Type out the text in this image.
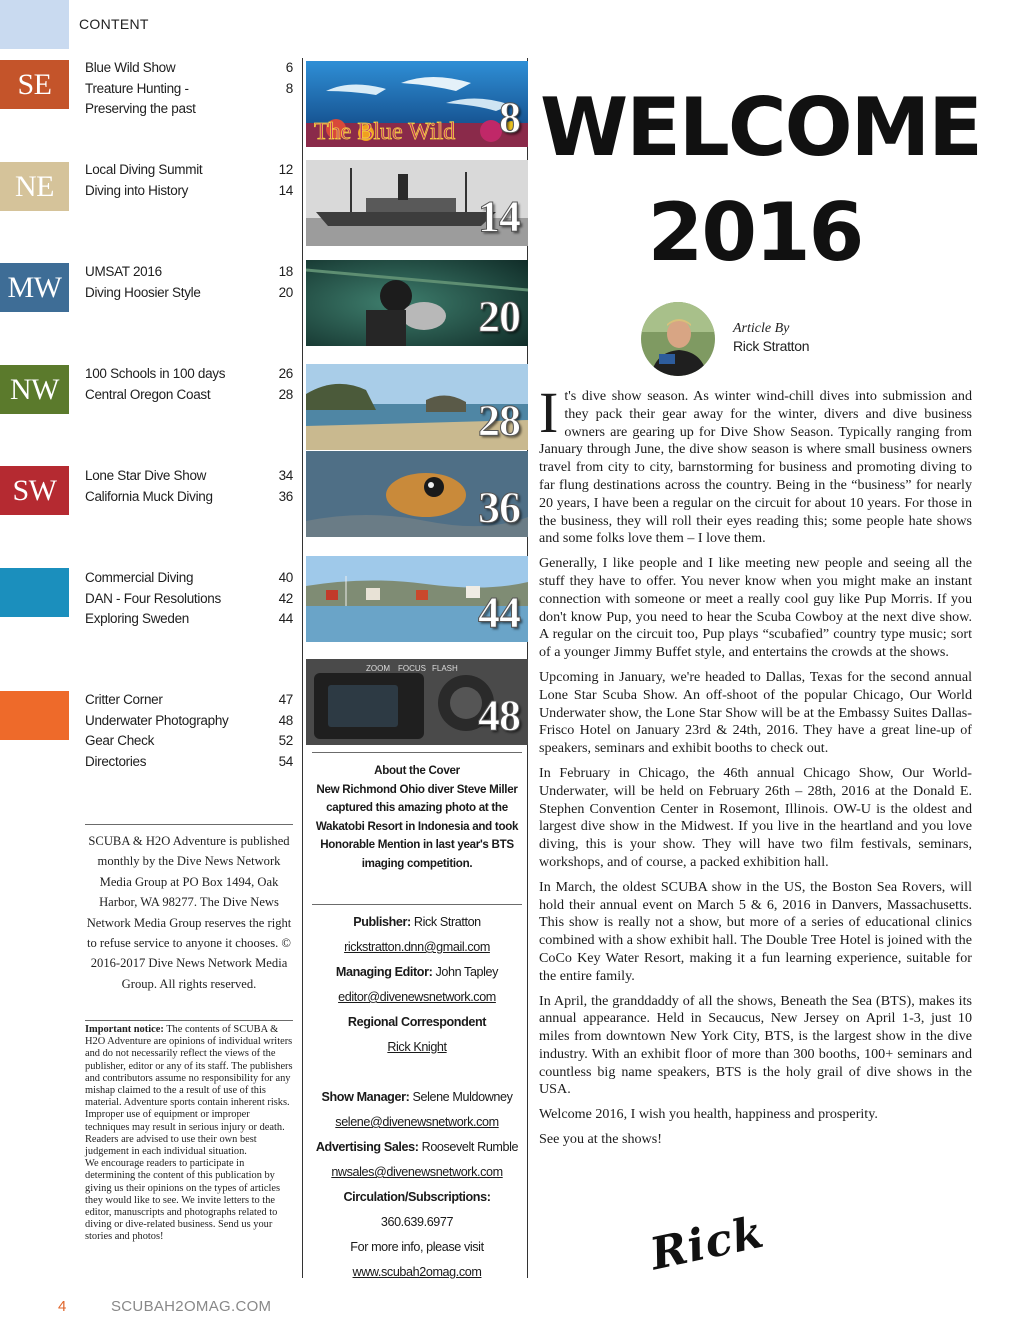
CONTENT
SE	Blue Wild Show	6
Treature Hunting -	8
Preserving the past
NE	Local Diving Summit	12
Diving into History	14
MW	UMSAT 2016	18
Diving Hoosier Style	20
NW	100 Schools in 100 days	26
Central Oregon Coast	28
SW	Lone Star Dive Show	34
California Muck Diving	36
Commercial Diving	40
DAN - Four Resolutions	42
Exploring Sweden	44
Critter Corner	47
Underwater Photography	48
Gear Check	52
Directories	54
SCUBA & H2O Adventure is published monthly by the Dive News Network Media Group at PO Box 1494, Oak Harbor, WA 98277. The Dive News Network Media Group reserves the right to refuse service to anyone it chooses. © 2016-2017 Dive News Network Media Group. All rights reserved.
Important notice: The contents of SCUBA & H2O Adventure are opinions of individual writers and do not necessarily reflect the views of the publisher, editor or any of its staff. The publishers and contributors assume no responsibility for any mishap claimed to the a result of use of this material. Adventure sports contain inherent risks. Improper use of equipment or improper techniques may result in serious injury or death. Readers are advised to use their own best judgement in each individual situation.
We encourage readers to participate in determining the content of this publication by giving us their opinions on the types of articles they would like to see. We invite letters to the editor, manuscripts and photographs related to diving or dive-related business. Send us your stories and photos!
The Blue Wild 8
14
20
28
36
44
ZOOM FOCUS FLASH
48
About the Cover
New Richmond Ohio diver Steve Miller captured this amazing photo at the Wakatobi Resort in Indonesia and took Honorable Mention in last year's BTS imaging competition.
Publisher: Rick Stratton
rickstratton.dnn@gmail.com
Managing Editor: John Tapley
editor@divenewsnetwork.com
Regional Correspondent
Rick Knight
Show Manager: Selene Muldowney
selene@divenewsnetwork.com
Advertising Sales: Roosevelt Rumble
nwsales@divenewsnetwork.com
Circulation/Subscriptions:
360.639.6977
For more info, please visit
www.scubah2omag.com
WELCOME
2016
Article By
Rick Stratton

It's dive show season. As winter wind-chill dives into submission and they pack their gear away for the winter, divers and dive business owners are gearing up for Dive Show Season. Typically ranging from January through June, the dive show season is where small business owners travel from city to city, barnstorming for business and promoting diving to far flung destinations across the country. Being in the “business” for nearly 20 years, I have been a regular on the circuit for about 10 years. For those in the business, they will roll their eyes reading this; some people hate shows and some folks love them – I love them.

Generally, I like people and I like meeting new people and seeing all the stuff they have to offer. You never know when you might make an instant connection with someone or meet a really cool guy like Pup Morris. If you don't know Pup, you need to hear the Scuba Cowboy at the next dive show. A regular on the circuit too, Pup plays “scubafied” country type music; sort of a younger Jimmy Buffet style, and entertains the crowds at the shows.

Upcoming in January, we're headed to Dallas, Texas for the second annual Lone Star Scuba Show. An off-shoot of the popular Chicago, Our World Underwater show, the Lone Star Show will be at the Embassy Suites Dallas-Frisco Hotel on January 23rd & 24th, 2016. They have a great line-up of speakers, seminars and exhibit booths to check out.

In February in Chicago, the 46th annual Chicago Show, Our World-Underwater, will be held on February 26th – 28th, 2016 at the Donald E. Stephen Convention Center in Rosemont, Illinois. OW-U is the oldest and largest dive show in the Midwest. If you live in the heartland and you love diving, this is your show. They will have two film festivals, seminars, workshops, and of course, a packed exhibition hall.

In March, the oldest SCUBA show in the US, the Boston Sea Rovers, will hold their annual event on March 5 & 6, 2016 in Danvers, Massachusetts. This show is really not a show, but more of a series of educational clinics combined with a show exhibit hall. The Double Tree Hotel is joined with the CoCo Key Water Resort, making it a fun learning experience, suitable for the entire family.

In April, the granddaddy of all the shows, Beneath the Sea (BTS), makes its annual appearance. Held in Secaucus, New Jersey on April 1-3, just 10 miles from downtown New York City, BTS, is the largest show in the dive industry. With an exhibit floor of more than 300 booths, 100+ seminars and countless big name speakers, BTS is the holy grail of dive shows in the USA.

Welcome 2016, I wish you health, happiness and prosperity.

See you at the shows!

Rick
4	SCUBAH2OMAG.COM
